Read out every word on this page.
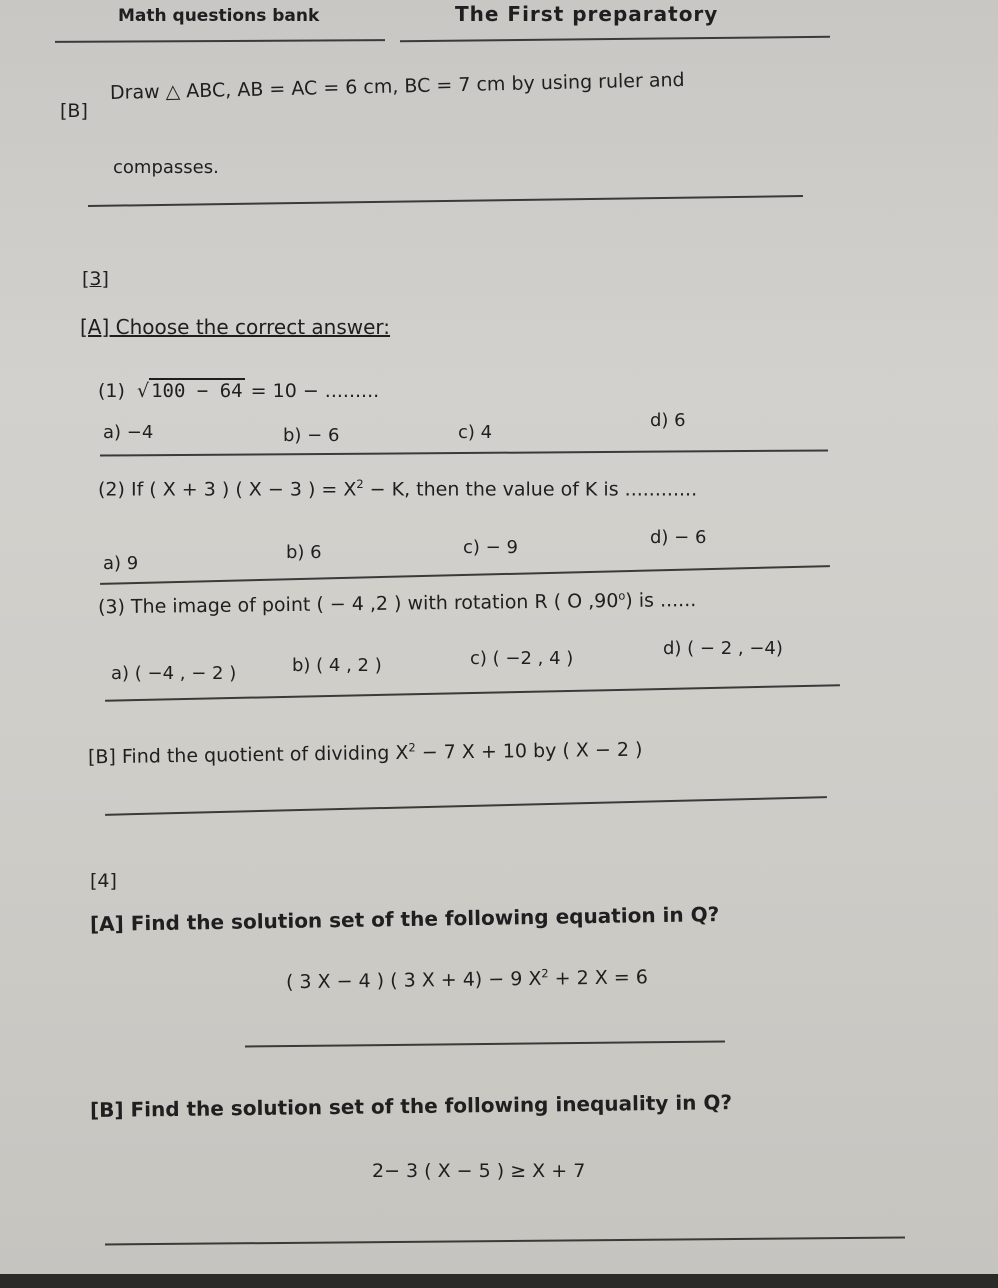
Math questions bank	The First preparatory
[B]
Draw △ ABC, AB = AC = 6 cm, BC = 7 cm by using ruler and
compasses.
[3]
[A] Choose the correct answer:
(1)  √ 100 − 64 = 10 − .........
a) −4	b) − 6	c) 4
d) 6
(2) If ( X + 3 ) ( X − 3 ) = $X^2 - K$, then the value of K is ............
a) 9
b) 6	c) − 9	d) − 6
(3) The image of point ( − 4 ,2 ) with rotation R ( O ,90$^o$) is ......
a) ( −4 , − 2 )	b) ( 4 , 2 )	c) ( −2 , 4 )	d) ( − 2 , −4)
[B] Find the quotient of dividing $X^2 - 7$ X + 10 by ( X − 2 )
[4]
[A] Find the solution set of the following equation in Q?
( 3 X − 4 ) ( 3 X + 4) − 9 $X^2 + 2$ X = 6
[B] Find the solution set of the following inequality in Q?
2− 3 ( X − 5 ) ≥ X + 7
